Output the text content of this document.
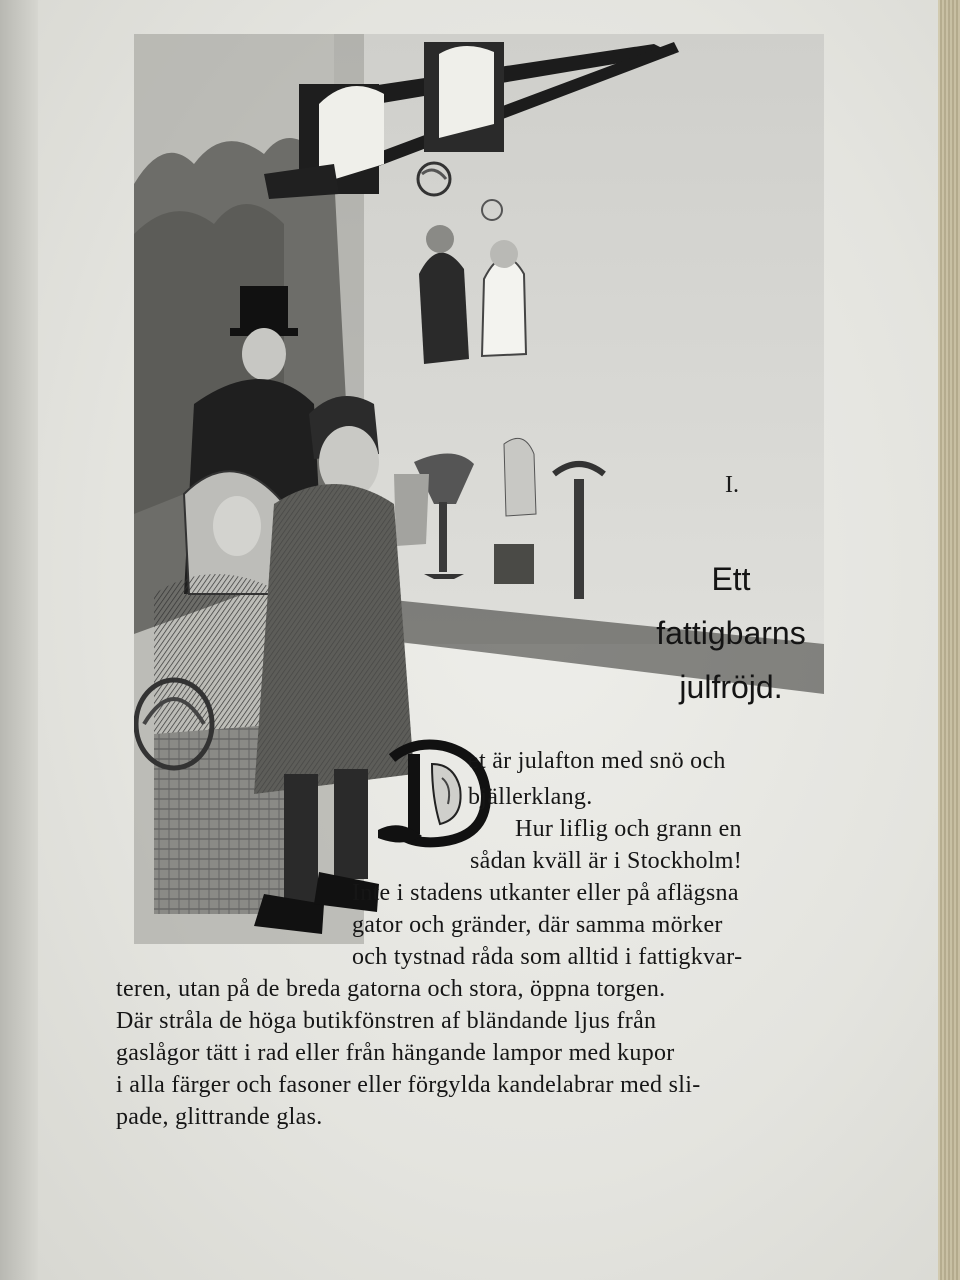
I.
Ett
fattigbarns
julfröjd.
et är julafton med snö och
bjällerklang.
Hur liflig och grann en
sådan kväll är i Stockholm!
Inte i stadens utkanter eller på aflägsna
gator och gränder, där samma mörker
och tystnad råda som alltid i fattigkvar-
teren, utan på de breda gatorna och stora, öppna torgen.
Där stråla de höga butikfönstren af bländande ljus från
gaslågor tätt i rad eller från hängande lampor med kupor
i alla färger och fasoner eller förgylda kandelabrar med sli-
pade, glittrande glas.
